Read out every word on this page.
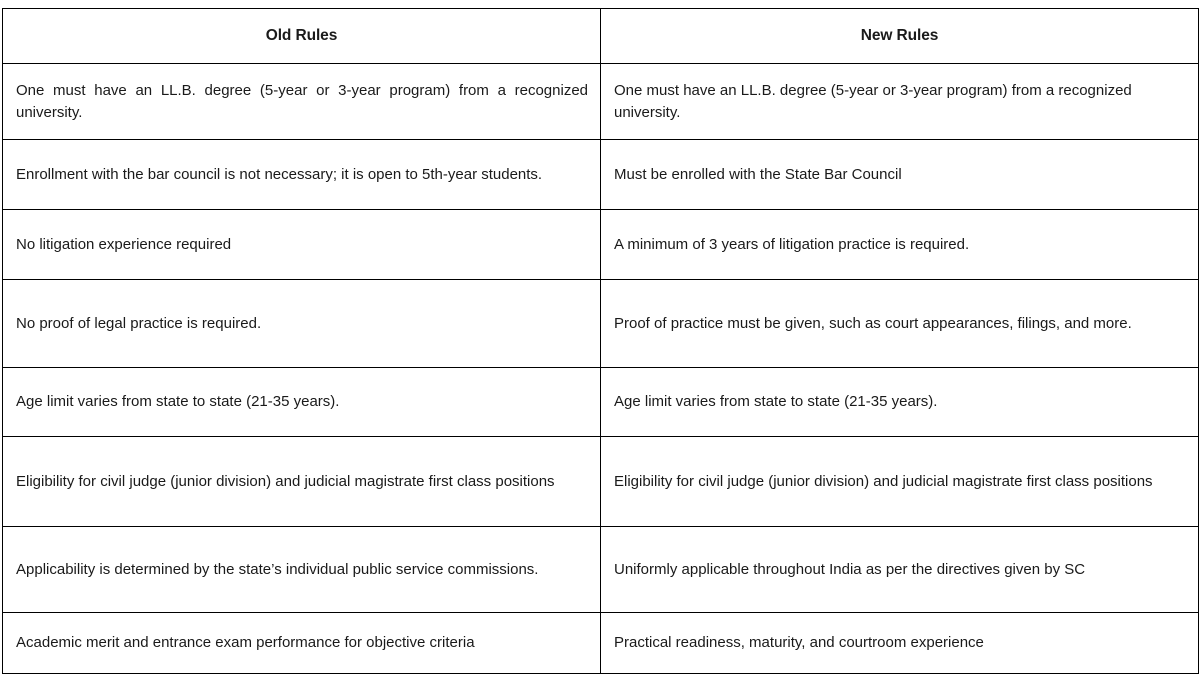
Old Rules	New Rules
One must have an LL.B. degree (5-year or 3-year program) from a recognized university.	One must have an LL.B. degree (5-year or 3-year program) from a recognized university.
Enrollment with the bar council is not necessary; it is open to 5th-year students.	Must be enrolled with the State Bar Council
No litigation experience required	A minimum of 3 years of litigation practice is required.
No proof of legal practice is required.	Proof of practice must be given, such as court appearances, filings, and more.
Age limit varies from state to state (21-35 years).	Age limit varies from state to state (21-35 years).
Eligibility for civil judge (junior division) and judicial magistrate first class positions	Eligibility for civil judge (junior division) and judicial magistrate first class positions
Applicability is determined by the state’s individual public service commissions.	Uniformly applicable throughout India as per the directives given by SC
Academic merit and entrance exam performance for objective criteria	Practical readiness, maturity, and courtroom experience
